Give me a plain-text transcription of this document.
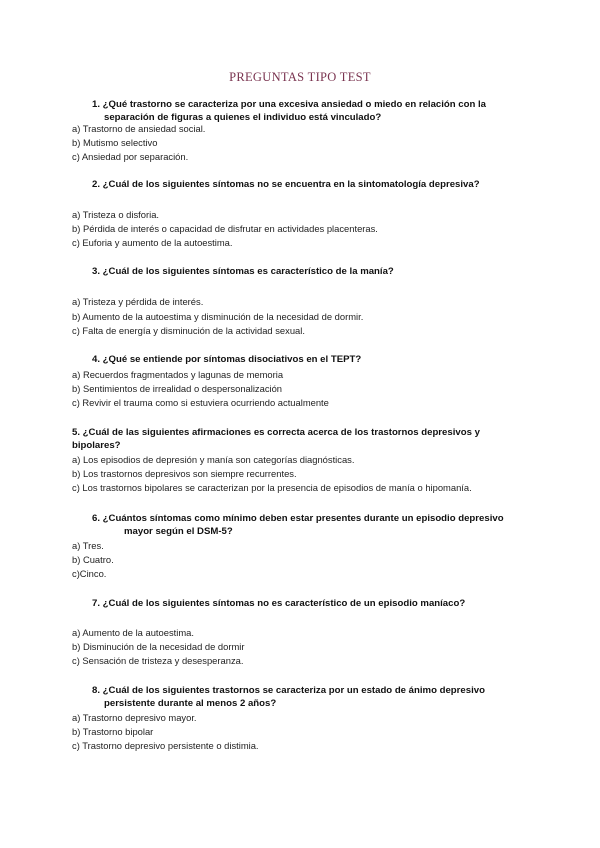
PREGUNTAS TIPO TEST
1. ¿Qué trastorno se caracteriza por una excesiva ansiedad o miedo en relación con la
separación de figuras a quienes el individuo está vinculado?
a) Trastorno de ansiedad social.
b) Mutismo selectivo
c) Ansiedad por separación.
2. ¿Cuál de los siguientes síntomas no se encuentra en la sintomatología depresiva?
a) Tristeza o disforia.
b) Pérdida de interés o capacidad de disfrutar en actividades placenteras.
c) Euforia y aumento de la autoestima.
3. ¿Cuál de los siguientes síntomas es característico de la manía?
a) Tristeza y pérdida de interés.
b) Aumento de la autoestima y disminución de la necesidad de dormir.
c) Falta de energía y disminución de la actividad sexual.
4. ¿Qué se entiende por síntomas disociativos en el TEPT?
a) Recuerdos fragmentados y lagunas de memoria
b) Sentimientos de irrealidad o despersonalización
c) Revivir el trauma como si estuviera ocurriendo actualmente
5. ¿Cuál de las siguientes afirmaciones es correcta acerca de los trastornos depresivos y
bipolares?
a) Los episodios de depresión y manía son categorías diagnósticas.
b) Los trastornos depresivos son siempre recurrentes.
c) Los trastornos bipolares se caracterizan por la presencia de episodios de manía o hipomanía.
6. ¿Cuántos síntomas como mínimo deben estar presentes durante un episodio depresivo
mayor según el DSM-5?
a) Tres.
b) Cuatro.
c)Cinco.
7. ¿Cuál de los siguientes síntomas no es característico de un episodio maníaco?
a) Aumento de la autoestima.
b) Disminución de la necesidad de dormir
c) Sensación de tristeza y desesperanza.
8. ¿Cuál de los siguientes trastornos se caracteriza por un estado de ánimo depresivo
persistente durante al menos 2 años?
a) Trastorno depresivo mayor.
b) Trastorno bipolar
c) Trastorno depresivo persistente o distimia.
